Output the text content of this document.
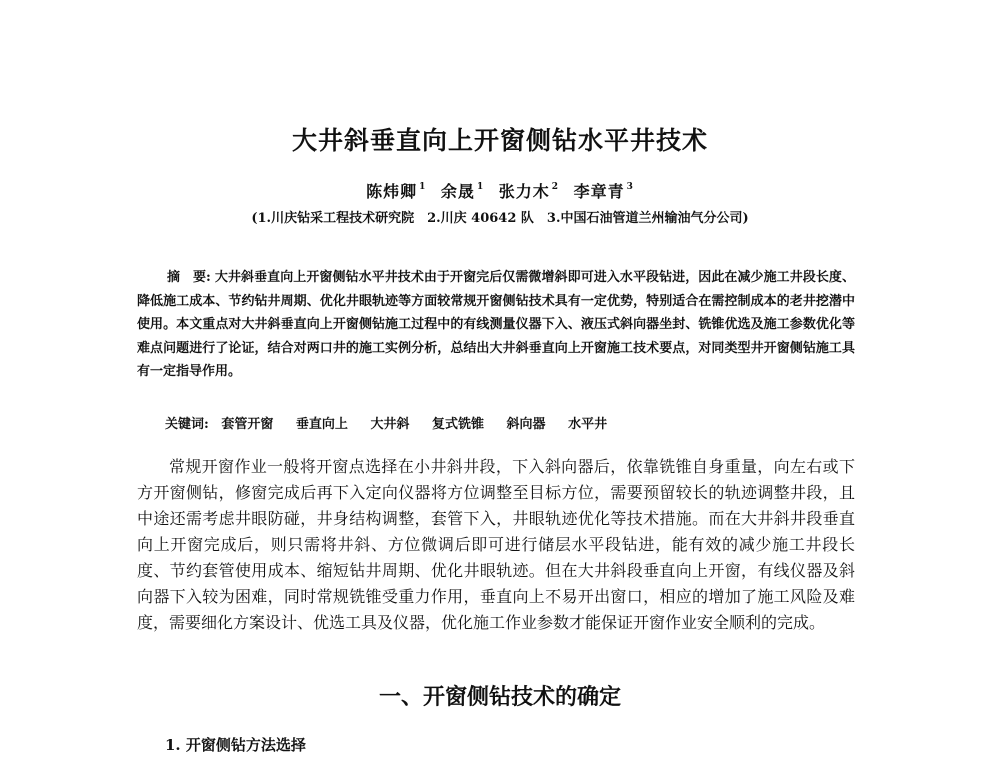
大井斜垂直向上开窗侧钻水平井技术
陈炜卿 $^1$ 余晟 $^1$ 张力木 $^2$ 李章青 $^3$
(1.川庆钻采工程技术研究院　2.川庆 40642 队　3.中国石油管道兰州输油气分公司)
摘　要: 大井斜垂直向上开窗侧钻水平井技术由于开窗完后仅需微增斜即可进入水平段钻进，因此在减少施工井段长度、降低施工成本、节约钻井周期、优化井眼轨迹等方面较常规开窗侧钻技术具有一定优势，特别适合在需控制成本的老井挖潜中使用。本文重点对大井斜垂直向上开窗侧钻施工过程中的有线测量仪器下入、液压式斜向器坐封、铣锥优选及施工参数优化等难点问题进行了论证，结合对两口井的施工实例分析，总结出大井斜垂直向上开窗施工技术要点，对同类型井开窗侧钻施工具有一定指导作用。
关键词: 套管开窗 垂直向上 大井斜 复式铣锥 斜向器 水平井

常规开窗作业一般将开窗点选择在小井斜井段，下入斜向器后，依靠铣锥自身重量，向左右或下方开窗侧钻，修窗完成后再下入定向仪器将方位调整至目标方位，需要预留较长的轨迹调整井段，且中途还需考虑井眼防碰，井身结构调整，套管下入，井眼轨迹优化等技术措施。而在大井斜井段垂直向上开窗完成后，则只需将井斜、方位微调后即可进行储层水平段钻进，能有效的减少施工井段长度、节约套管使用成本、缩短钻井周期、优化井眼轨迹。但在大井斜段垂直向上开窗，有线仪器及斜向器下入较为困难，同时常规铣锥受重力作用，垂直向上不易开出窗口，相应的增加了施工风险及难度，需要细化方案设计、优选工具及仪器，优化施工作业参数才能保证开窗作业安全顺利的完成。

一、开窗侧钻技术的确定
1. 开窗侧钻方法选择
